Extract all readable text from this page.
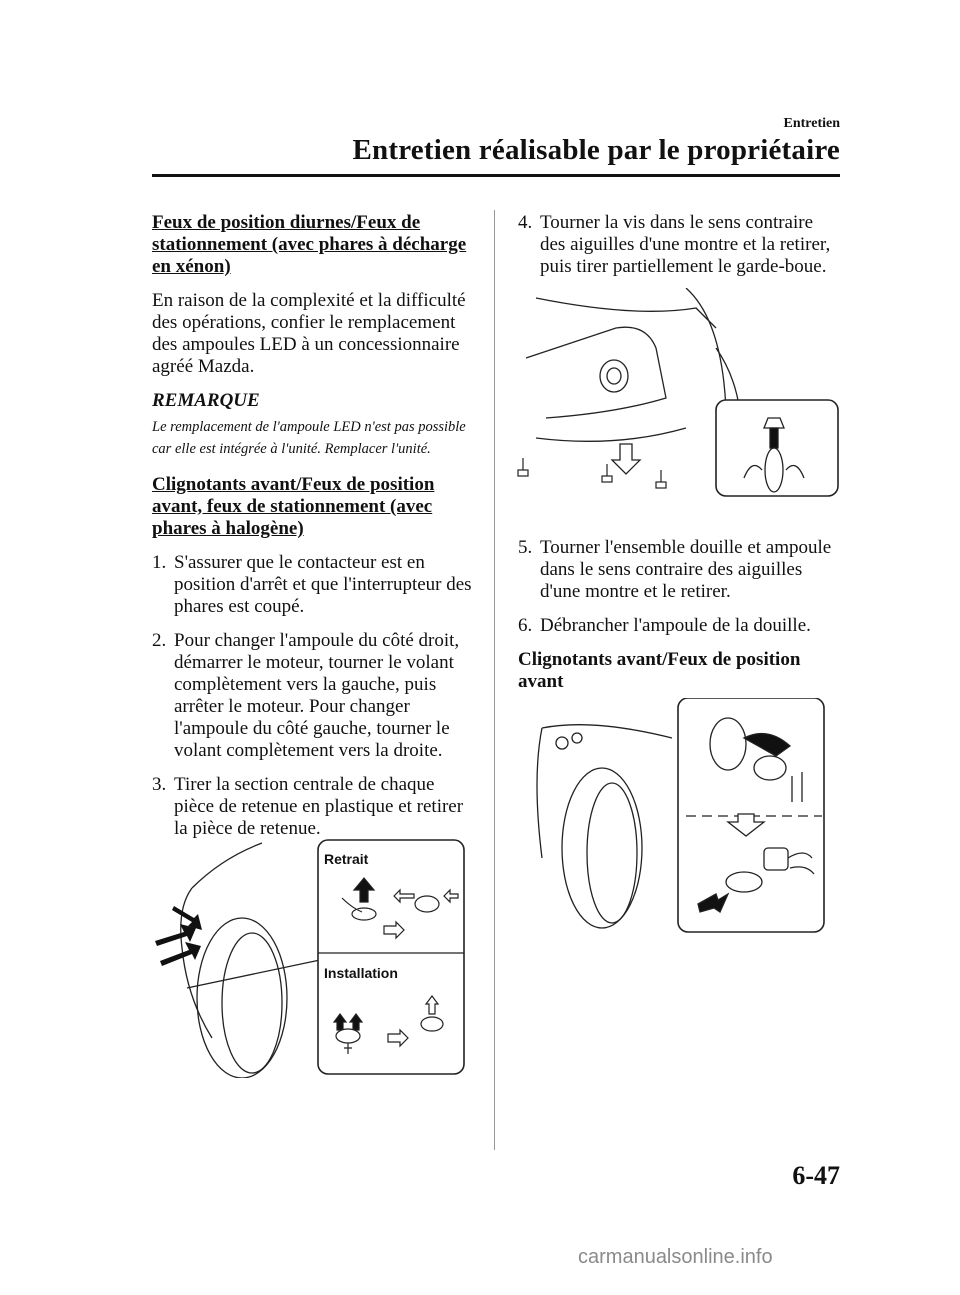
Entretien
Entretien réalisable par le propriétaire
Feux de position diurnes/Feux de stationnement (avec phares à décharge en xénon)

En raison de la complexité et la difficulté des opérations, confier le remplacement des ampoules LED à un concessionnaire agréé Mazda.

REMARQUE
Le remplacement de l'ampoule LED n'est pas possible car elle est intégrée à l'unité. Remplacer l'unité.
Clignotants avant/Feux de position avant, feux de stationnement (avec phares à halogène)
1. S'assurer que le contacteur est en position d'arrêt et que l'interrupteur des phares est coupé.
2. Pour changer l'ampoule du côté droit, démarrer le moteur, tourner le volant complètement vers la gauche, puis arrêter le moteur. Pour changer l'ampoule du côté gauche, tourner le volant complètement vers la droite.
3. Tirer la section centrale de chaque pièce de retenue en plastique et retirer la pièce de retenue.
Retrait
Installation
4. Tourner la vis dans le sens contraire des aiguilles d'une montre et la retirer, puis tirer partiellement le garde-boue.
5. Tourner l'ensemble douille et ampoule dans le sens contraire des aiguilles d'une montre et le retirer.
6. Débrancher l'ampoule de la douille.
Clignotants avant/Feux de position avant
6-47
carmanualsonline.info
